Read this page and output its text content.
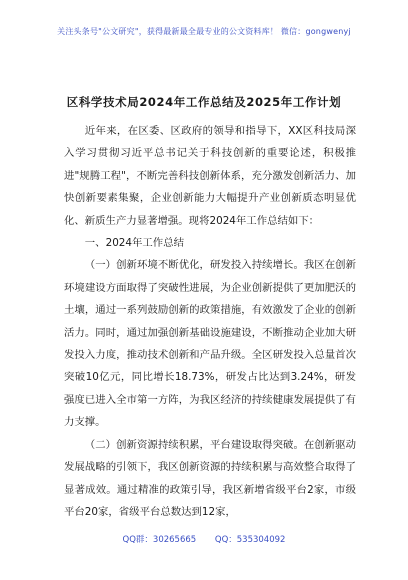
关注头条号"公文研究"，获得最新最全最专业的公文资料库！ 微信：gongwenyj
区科学技术局2024年工作总结及2025年工作计划

近年来，在区委、区政府的领导和指导下，XX区科技局深入学习贯彻习近平总书记关于科技创新的重要论述，积极推进"规腾工程"，不断完善科技创新体系，充分激发创新活力、加快创新要素集聚，企业创新能力大幅提升产业创新质态明显优化、新质生产力显著增强。现将2024年工作总结如下：

一、2024年工作总结

（一）创新环境不断优化，研发投入持续增长。我区在创新环境建设方面取得了突破性进展，为企业创新提供了更加肥沃的土壤，通过一系列鼓励创新的政策措施，有效激发了企业的创新活力。同时，通过加强创新基础设施建设，不断推动企业加大研发投入力度，推动技术创新和产品升级。全区研发投入总量首次突破10亿元，同比增长18.73%，研发占比达到3.24%，研发强度已进入全市第一方阵，为我区经济的持续健康发展提供了有力支撑。

（二）创新资源持续积累，平台建设取得突破。在创新驱动发展战略的引领下，我区创新资源的持续积累与高效整合取得了显著成效。通过精准的政策引导，我区新增省级平台2家，市级平台20家，省级平台总数达到12家，

QQ群：30265665 QQ：535304092
